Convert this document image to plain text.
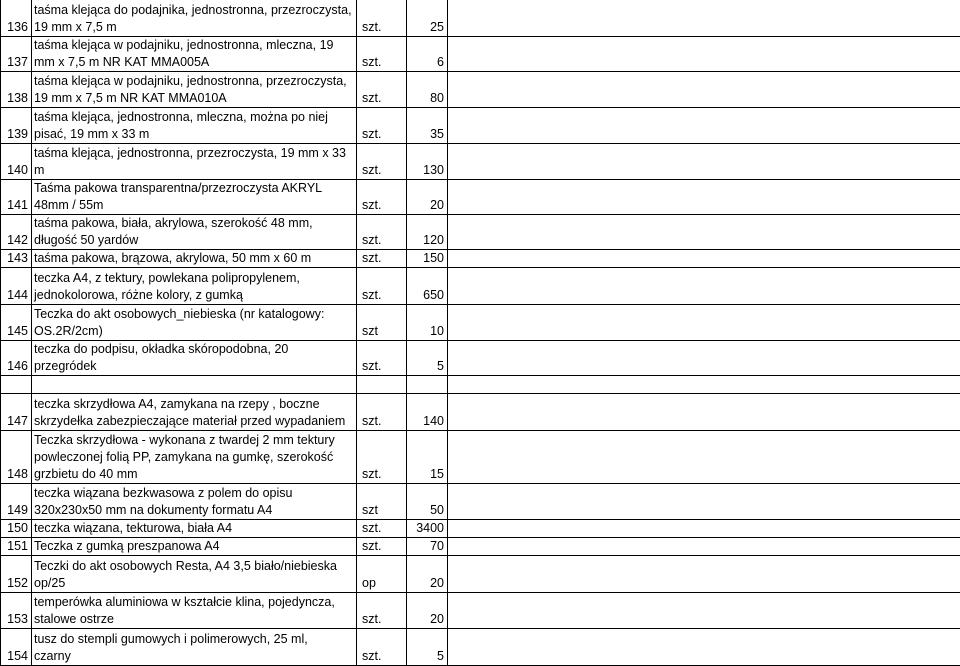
136	taśma klejąca do podajnika, jednostronna, przezroczysta,
19 mm x 7,5 m	szt.	25	
137	taśma klejąca w podajniku, jednostronna, mleczna, 19
mm x 7,5 m NR KAT MMA005A	szt.	6	
138	taśma klejąca w podajniku, jednostronna, przezroczysta,
19 mm x 7,5 m NR KAT MMA010A	szt.	80	
139	taśma klejąca, jednostronna, mleczna, można po niej
pisać, 19 mm x 33 m	szt.	35	
140	taśma klejąca, jednostronna, przezroczysta, 19 mm x 33
m	szt.	130	
141	Taśma pakowa transparentna/przezroczysta AKRYL
48mm / 55m	szt.	20	
142	taśma pakowa, biała, akrylowa, szerokość 48 mm,
długość 50 yardów	szt.	120	
143	taśma pakowa, brązowa, akrylowa, 50 mm x 60 m	szt.	150	
144	teczka A4, z tektury, powlekana polipropylenem,
jednokolorowa, różne kolory, z gumką	szt.	650	
145	Teczka do akt osobowych_niebieska (nr katalogowy:
OS.2R/2cm)	szt	10	
146	teczka do podpisu, okładka skóropodobna, 20
przegródek	szt.	5	

147	teczka skrzydłowa A4, zamykana na rzepy , boczne
skrzydełka zabezpieczające materiał przed wypadaniem	szt.	140	
148	Teczka skrzydłowa - wykonana z twardej 2 mm tektury
powleczonej folią PP, zamykana na gumkę, szerokość
grzbietu do 40 mm	szt.	15	
149	teczka wiązana bezkwasowa z polem do opisu
320x230x50 mm na dokumenty formatu A4	szt	50	
150	teczka wiązana, tekturowa, biała A4	szt.	3400	
151	Teczka z gumką preszpanowa A4	szt.	70	
152	Teczki do akt osobowych Resta, A4 3,5 biało/niebieska
op/25	op	20	
153	temperówka aluminiowa w kształcie klina, pojedyncza,
stalowe ostrze	szt.	20	
154	tusz do stempli gumowych i polimerowych, 25 ml,
czarny	szt.	5	
